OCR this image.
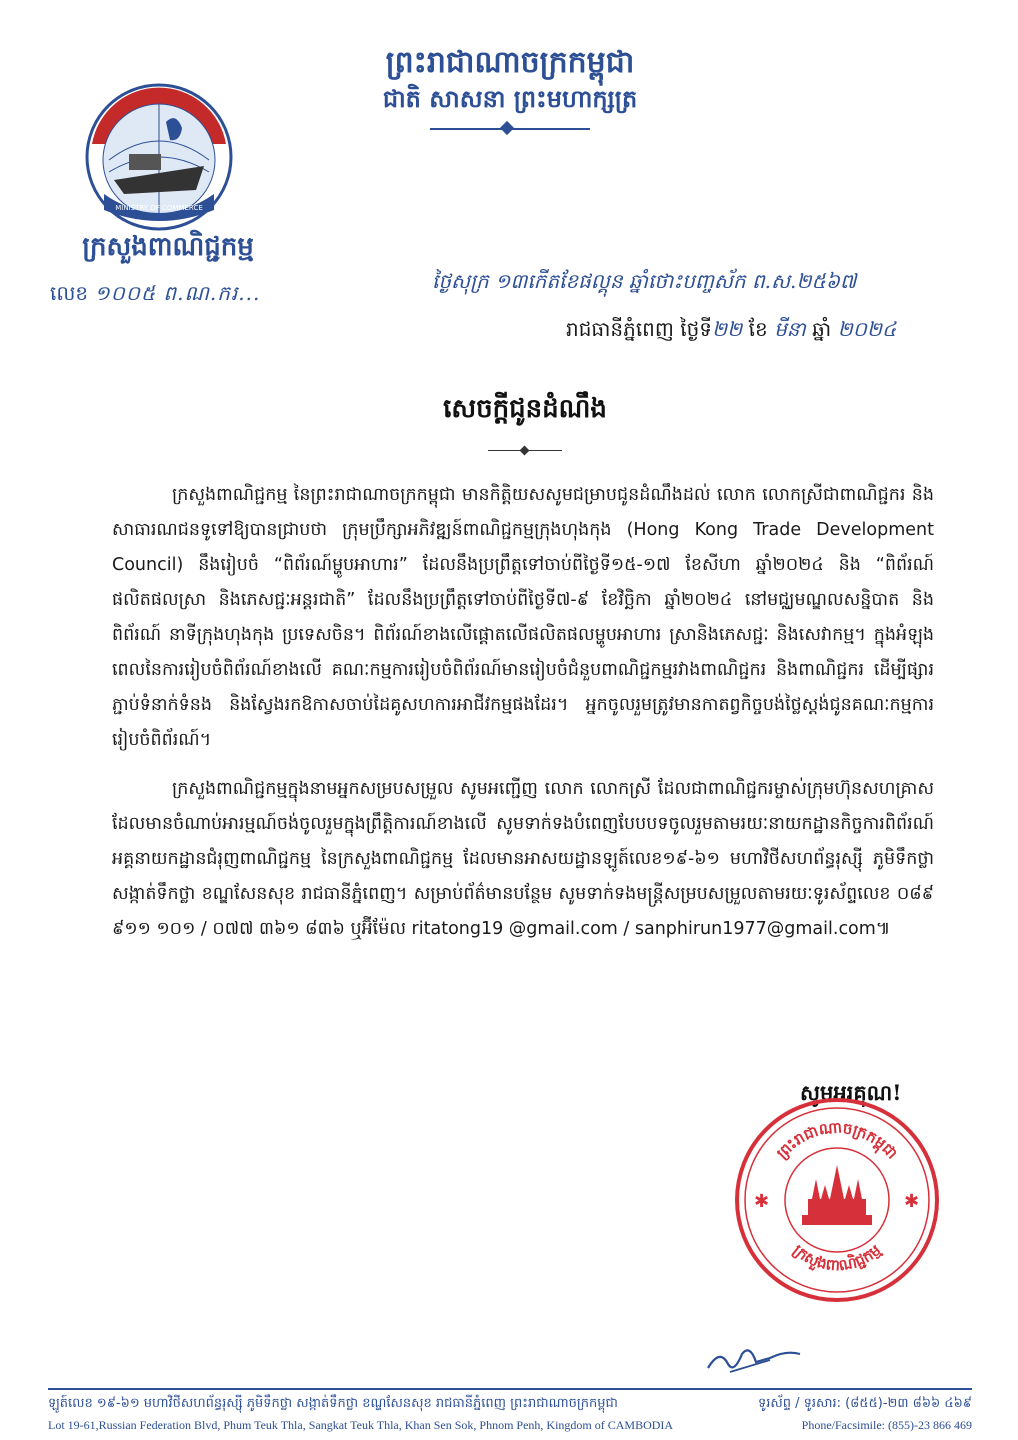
MINISTRY OF COMMERCE
ក្រសួងពាណិជ្ជកម្ម
ព្រះរាជាណាចក្រកម្ពុជា
ជាតិ សាសនា ព្រះមហាក្សត្រ
លេខ ១០០៥ ព.ណ.ករ...	ថ្ងៃសុក្រ ១៣កើតខែផល្គុន ឆ្នាំថោះបញ្ចស័ក ព.ស.២៥៦៧
រាជធានីភ្នំពេញ ថ្ងៃទី២២ ខែ មីនា ឆ្នាំ ២០២៤
សេចក្តីជូនដំណឹង

ក្រសួងពាណិជ្ជកម្ម នៃព្រះរាជាណាចក្រកម្ពុជា មានកិត្តិយសសូមជម្រាបជូនដំណឹងដល់ លោក លោកស្រីជាពាណិជ្ជករ និងសាធារណជនទូទៅឱ្យបានជ្រាបថា ក្រុមប្រឹក្សាអភិវឌ្ឍន៍ពាណិជ្ជកម្មក្រុងហុងកុង (Hong Kong Trade Development Council) នឹងរៀបចំ “ពិព័រណ៍ម្ហូបអាហារ” ដែលនឹងប្រព្រឹត្តទៅចាប់ពីថ្ងៃទី១៥-១៧ ខែសីហា ឆ្នាំ២០២៤ និង “ពិព័រណ៍ផលិតផលស្រា និងភេសជ្ជៈអន្តរជាតិ” ដែលនឹងប្រព្រឹត្តទៅចាប់ពីថ្ងៃទី៧-៩ ខែវិច្ឆិកា ឆ្នាំ២០២៤ នៅមជ្ឈមណ្ឌលសន្និបាត និងពិព័រណ៍ នាទីក្រុងហុងកុង ប្រទេសចិន។ ពិព័រណ៍ខាងលើផ្តោតលើផលិតផលម្ហូបអាហារ ស្រានិងភេសជ្ជៈ និងសេវាកម្ម។ ក្នុងអំឡុងពេលនៃការរៀបចំពិព័រណ៍ខាងលើ គណៈកម្មការរៀបចំពិព័រណ៍មានរៀបចំជំនួបពាណិជ្ជកម្មរវាងពាណិជ្ជករ និងពាណិជ្ជករ ដើម្បីផ្សារភ្ជាប់ទំនាក់ទំនង និងស្វែងរកឱកាសចាប់ដៃគូសហការអាជីវកម្មផងដែរ។ អ្នកចូលរួមត្រូវមានកាតព្វកិច្ចបង់ថ្លៃស្តង់ជូនគណៈកម្មការរៀបចំពិព័រណ៍។

ក្រសួងពាណិជ្ជកម្មក្នុងនាមអ្នកសម្របសម្រួល សូមអញ្ជើញ លោក លោកស្រី ដែលជាពាណិជ្ជករម្ចាស់ក្រុមហ៊ុនសហគ្រាសដែលមានចំណាប់អារម្មណ៍ចង់ចូលរួមក្នុងព្រឹត្តិការណ៍ខាងលើ សូមទាក់ទងបំពេញបែបបទចូលរួមតាមរយៈនាយកដ្ឋានកិច្ចការពិព័រណ៍ អគ្គនាយកដ្ឋានជំរុញពាណិជ្ជកម្ម នៃក្រសួងពាណិជ្ជកម្ម ដែលមានអាសយដ្ឋានឡូត៍លេខ១៩-៦១ មហាវិថីសហព័ន្ធរុស្ស៊ី ភូមិទឹកថ្លា សង្កាត់ទឹកថ្លា ខណ្ឌសែនសុខ រាជធានីភ្នំពេញ។ សម្រាប់ព័ត៌មានបន្ថែម សូមទាក់ទងមន្ត្រីសម្របសម្រួលតាមរយៈទូរស័ព្ទលេខ ០៨៩ ៩១១ ១០១ / ០៧៧ ៣៦១ ៨៣៦ ឬអ៊ីម៉ែល ritatong19 @gmail.com / sanphirun1977@gmail.com៕

សូមអរគុណ!
ព្រះរាជាណាចក្រកម្ពុជា
ក្រសួងពាណិជ្ជកម្ម
✱	✱
ឡូត៍លេខ ១៩-៦១ មហាវិថីសហព័ន្ធរុស្ស៊ី ភូមិទឹកថ្លា សង្កាត់ទឹកថ្លា ខណ្ឌសែនសុខ រាជធានីភ្នំពេញ ព្រះរាជាណាចក្រកម្ពុជា	ទូរស័ព្ទ / ទូរសារ: (៨៥៥)-២៣ ៨៦៦ ៤៦៩
Lot 19-61,Russian Federation Blvd, Phum Teuk Thla, Sangkat Teuk Thla, Khan Sen Sok, Phnom Penh, Kingdom of CAMBODIA	Phone/Facsimile: (855)-23 866 469
